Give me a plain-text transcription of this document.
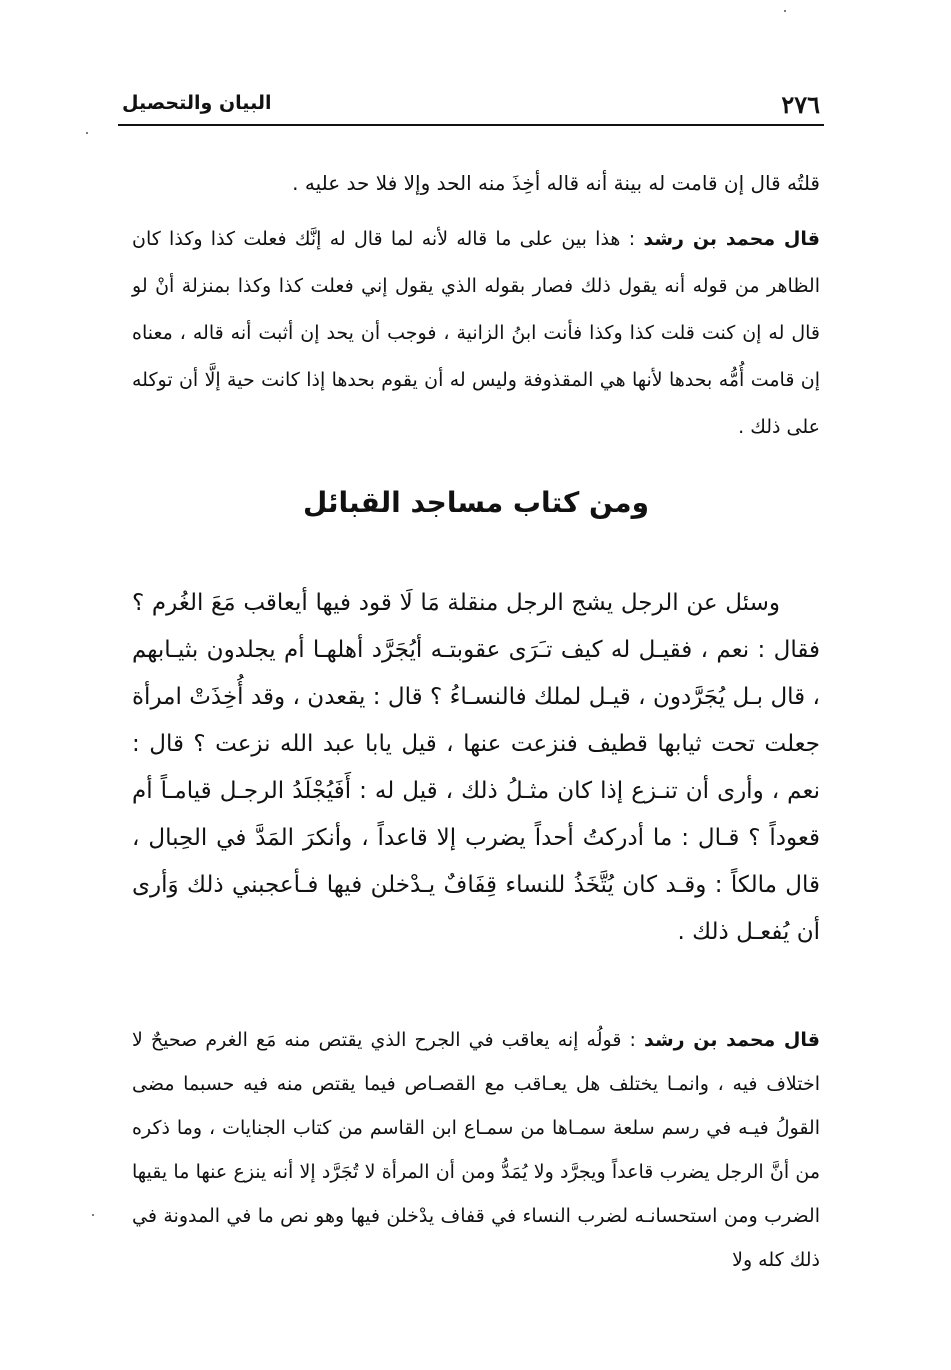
٢٧٦
البيان والتحصيل

قلتُه قال إن قامت له بينة أنه قاله أخِذَ منه الحد وإلا فلا حد عليه .

قال محمد بن رشد : هذا بين على ما قاله لأنه لما قال له إنَّك فعلت كذا وكذا كان الظاهر من قوله أنه يقول ذلك فصار بقوله الذي يقول إني فعلت كذا وكذا بمنزلة أنْ لو قال له إن كنت قلت كذا وكذا فأنت ابنُ الزانية ، فوجب أن يحد إن أثبت أنه قاله ، معناه إن قامت أُمُّه بحدها لأنها هي المقذوفة وليس له أن يقوم بحدها إذا كانت حية إلَّا أن توكله على ذلك .

ومن كتاب مساجد القبائل

وسئل عن الرجل يشج الرجل منقلة مَا لَا قود فيها أيعاقب مَعَ الغُرم ؟ فقال : نعم ، فقيـل له كيف تـَرَى عقوبتـه أيُجَرَّد أهلهـا أم يجلدون بثيـابهم ، قال بـل يُجَرَّدون ، قيـل لملك فالنسـاءُ ؟ قال : يقعدن ، وقد أُخِذَتْ امرأة جعلت تحت ثيابها قطيف فنزعت عنها ، قيل يابا عبد الله نزعت ؟ قال : نعم ، وأرى أن تنـزع إذا كان مثـلُ ذلك ، قيل له : أَفَيُجْلَدُ الرجـل قيامـاً أم قعوداً ؟ قـال : ما أدركتُ أحداً يضرب إلا قاعداً ، وأنكرَ المَدَّ في الحِبال ، قال مالكاً : وقـد كان يُتَّخَذُ للنساء قِفَافٌ يـدْخلن فيها فـأعجبني ذلك وَأرى أن يُفعـل ذلك .

قال محمد بن رشد : قولُه إنه يعاقب في الجرح الذي يقتص منه مَع الغرم صحيحٌ لا اختلاف فيه ، وانمـا يختلف هل يعـاقب مع القصـاص فيما يقتص منه فيه حسبما مضى القولُ فيـه في رسم سلعة سمـاها من سمـاع ابن القاسم من كتاب الجنايات ، وما ذكره من أنَّ الرجل يضرب قاعداً ويجرَّد ولا يُمَدُّ ومن أن المرأة لا تُجَرَّد إلا أنه ينزع عنها ما يقيها الضرب ومن استحسانـه لضرب النساء في قفاف يدْخلن فيها وهو نص ما في المدونة في ذلك كله ولا
